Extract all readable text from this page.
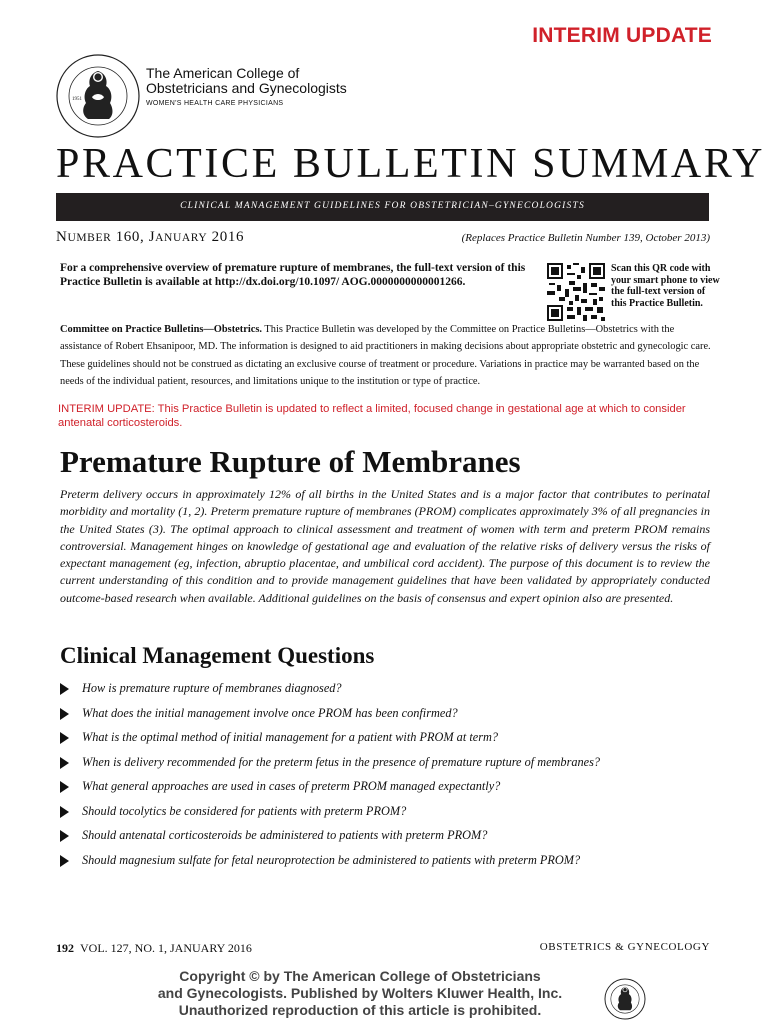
INTERIM UPDATE
1951
The American College of
Obstetricians and Gynecologists
WOMEN'S HEALTH CARE PHYSICIANS
PRACTICE BULLETIN SUMMARY
CLINICAL MANAGEMENT GUIDELINES FOR OBSTETRICIAN–GYNECOLOGISTS
NUMBER 160, JANUARY 2016	(Replaces Practice Bulletin Number 139, October 2013)
For a comprehensive overview of premature rupture of membranes, the full-text version of this Practice Bulletin is available at http://dx.doi.org/10.1097/ AOG.0000000000001266.
Scan this QR code with your smart phone to view the full-text version of this Practice Bulletin.
Committee on Practice Bulletins—Obstetrics. This Practice Bulletin was developed by the Committee on Practice Bulletins—Obstetrics with the assistance of Robert Ehsanipoor, MD. The information is designed to aid practitioners in making decisions about appropriate obstetric and gynecologic care. These guidelines should not be construed as dictating an exclusive course of treatment or procedure. Variations in practice may be warranted based on the needs of the individual patient, resources, and limitations unique to the institution or type of practice.
INTERIM UPDATE: This Practice Bulletin is updated to reflect a limited, focused change in gestational age at which to consider antenatal corticosteroids.
Premature Rupture of Membranes
Preterm delivery occurs in approximately 12% of all births in the United States and is a major factor that contributes to perinatal morbidity and mortality (1, 2). Preterm premature rupture of membranes (PROM) complicates approximately 3% of all pregnancies in the United States (3). The optimal approach to clinical assessment and treatment of women with term and preterm PROM remains controversial. Management hinges on knowledge of gestational age and evaluation of the relative risks of delivery versus the risks of expectant management (eg, infection, abruptio placentae, and umbilical cord accident). The purpose of this document is to review the current understanding of this condition and to provide management guidelines that have been validated by appropriately conducted outcome-based research when available. Additional guidelines on the basis of consensus and expert opinion also are presented.
Clinical Management Questions
How is premature rupture of membranes diagnosed?
What does the initial management involve once PROM has been confirmed?
What is the optimal method of initial management for a patient with PROM at term?
When is delivery recommended for the preterm fetus in the presence of premature rupture of membranes?
What general approaches are used in cases of preterm PROM managed expectantly?
Should tocolytics be considered for patients with preterm PROM?
Should antenatal corticosteroids be administered to patients with preterm PROM?
Should magnesium sulfate for fetal neuroprotection be administered to patients with preterm PROM?
192 VOL. 127, NO. 1, JANUARY 2016	OBSTETRICS & GYNECOLOGY
Copyright © by The American College of Obstetricians
and Gynecologists. Published by Wolters Kluwer Health, Inc.
Unauthorized reproduction of this article is prohibited.
